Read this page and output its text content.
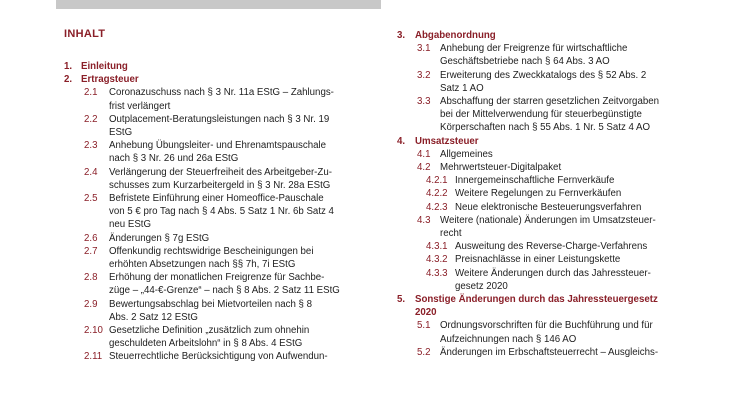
INHALT
1. Einleitung
2. Ertragsteuer
2.1	Coronazuschuss nach § 3 Nr. 11a EStG – Zahlungs-
frist verlängert
2.2	Outplacement-Beratungsleistungen nach § 3 Nr. 19
EStG
2.3	Anhebung Übungsleiter- und Ehrenamtspauschale
nach § 3 Nr. 26 und 26a EStG
2.4	Verlängerung der Steuerfreiheit des Arbeitgeber-Zu-
schusses zum Kurzarbeitergeld in § 3 Nr. 28a EStG
2.5	Befristete Einführung einer Homeoffice-Pauschale
von 5 € pro Tag nach § 4 Abs. 5 Satz 1 Nr. 6b Satz 4
neu EStG
2.6	Änderungen § 7g EStG
2.7	Offenkundig rechtswidrige Bescheinigungen bei
erhöhten Absetzungen nach §§ 7h, 7i EStG
2.8	Erhöhung der monatlichen Freigrenze für Sachbe-
züge – „44-€-Grenze“ – nach § 8 Abs. 2 Satz 11 EStG
2.9	Bewertungsabschlag bei Mietvorteilen nach § 8
Abs. 2 Satz 12 EStG
2.10 Gesetzliche Definition „zusätzlich zum ohnehin
geschuldeten Arbeitslohn“ in § 8 Abs. 4 EStG
2.11 Steuerrechtliche Berücksichtigung von Aufwendun-
3.	Abgabenordnung
3.1 Anhebung der Freigrenze für wirtschaftliche
Geschäftsbetriebe nach § 64 Abs. 3 AO
3.2 Erweiterung des Zweckkatalogs des § 52 Abs. 2
Satz 1 AO
3.3 Abschaffung der starren gesetzlichen Zeitvorgaben
bei der Mittelverwendung für steuerbegünstigte
Körperschaften nach § 55 Abs. 1 Nr. 5 Satz 4 AO
4.	Umsatzsteuer
4.1 Allgemeines
4.2 Mehrwertsteuer-Digitalpaket
4.2.1 Innergemeinschaftliche Fernverkäufe
4.2.2 Weitere Regelungen zu Fernverkäufen
4.2.3 Neue elektronische Besteuerungsverfahren
4.3 Weitere (nationale) Änderungen im Umsatzsteuer-
recht
4.3.1 Ausweitung des Reverse-Charge-Verfahrens
4.3.2 Preisnachlässe in einer Leistungskette
4.3.3 Weitere Änderungen durch das Jahressteuer-
gesetz 2020
5.	Sonstige Änderungen durch das Jahressteuergesetz
2020
5.1 Ordnungsvorschriften für die Buchführung und für
Aufzeichnungen nach § 146 AO
5.2 Änderungen im Erbschaftsteuerrecht – Ausgleichs-
